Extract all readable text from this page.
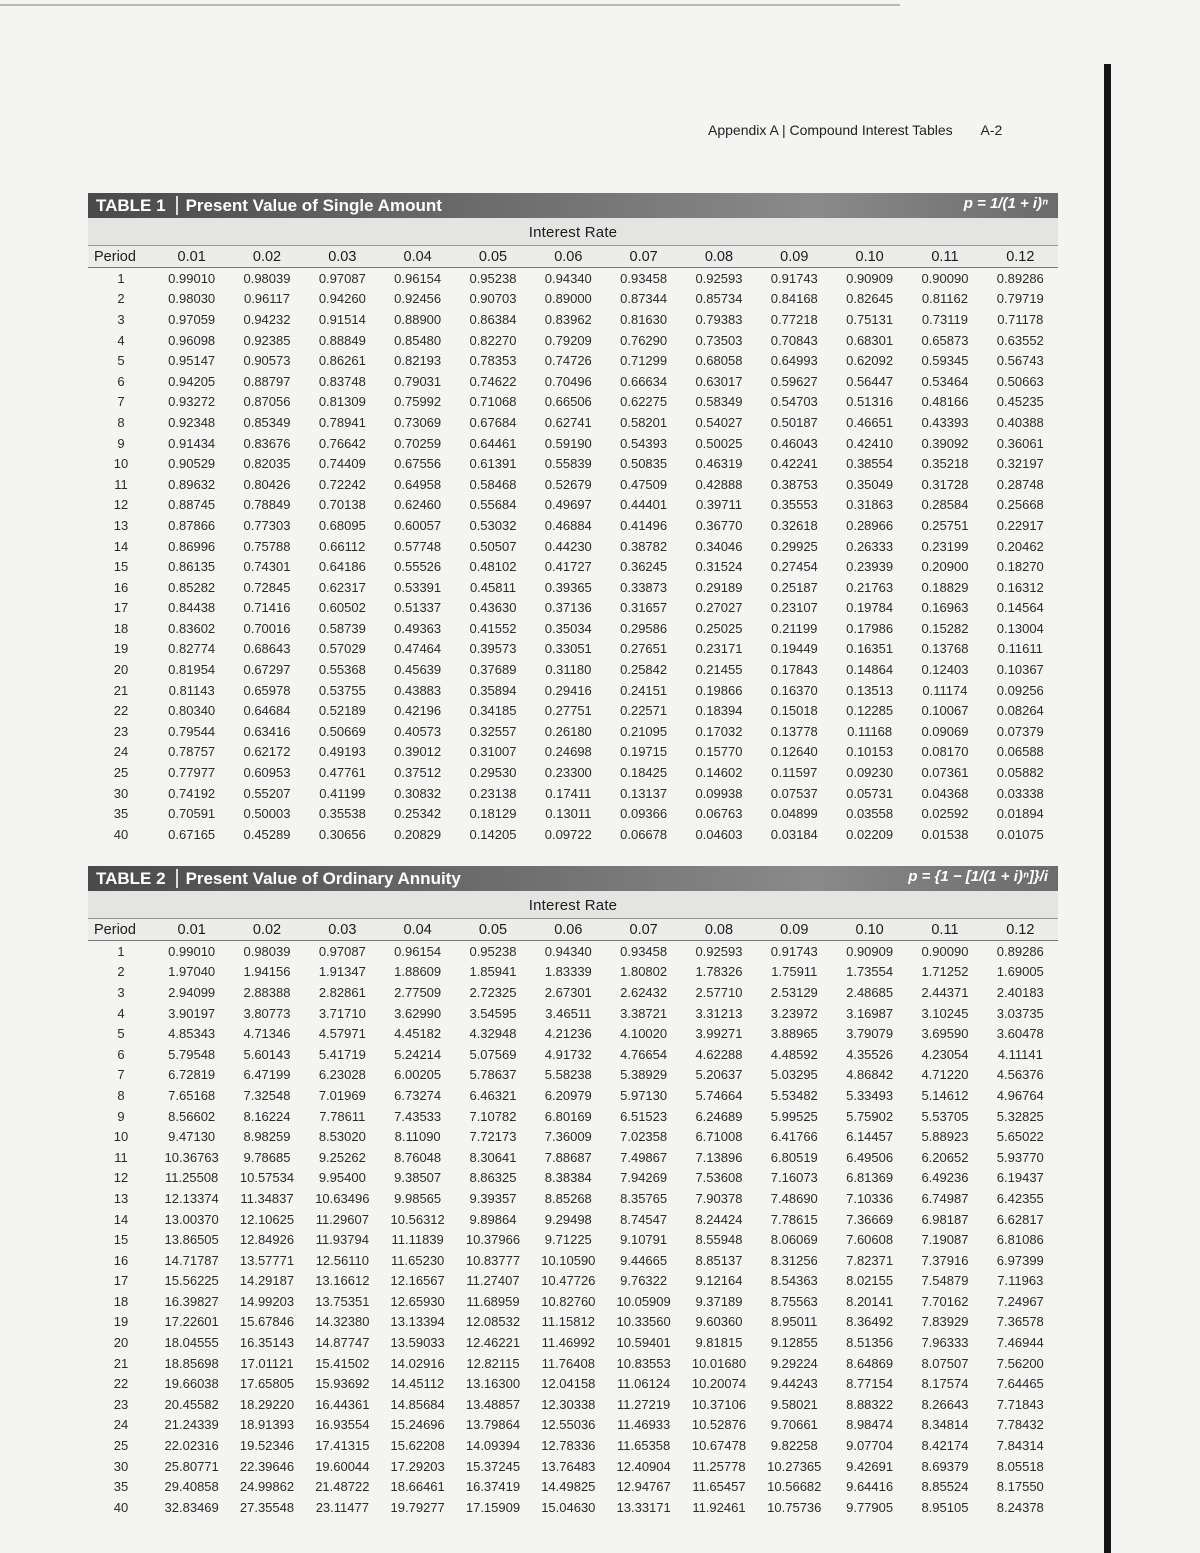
Appendix A | Compound Interest Tables A-2
TABLE 1 Present Value of Single Amount	p = 1/(1 + i)ⁿ
Interest Rate
Period	0.01	0.02	0.03	0.04	0.05	0.06	0.07	0.08	0.09	0.10	0.11	0.12
1	0.99010	0.98039	0.97087	0.96154	0.95238	0.94340	0.93458	0.92593	0.91743	0.90909	0.90090	0.89286
2	0.98030	0.96117	0.94260	0.92456	0.90703	0.89000	0.87344	0.85734	0.84168	0.82645	0.81162	0.79719
3	0.97059	0.94232	0.91514	0.88900	0.86384	0.83962	0.81630	0.79383	0.77218	0.75131	0.73119	0.71178
4	0.96098	0.92385	0.88849	0.85480	0.82270	0.79209	0.76290	0.73503	0.70843	0.68301	0.65873	0.63552
5	0.95147	0.90573	0.86261	0.82193	0.78353	0.74726	0.71299	0.68058	0.64993	0.62092	0.59345	0.56743
6	0.94205	0.88797	0.83748	0.79031	0.74622	0.70496	0.66634	0.63017	0.59627	0.56447	0.53464	0.50663
7	0.93272	0.87056	0.81309	0.75992	0.71068	0.66506	0.62275	0.58349	0.54703	0.51316	0.48166	0.45235
8	0.92348	0.85349	0.78941	0.73069	0.67684	0.62741	0.58201	0.54027	0.50187	0.46651	0.43393	0.40388
9	0.91434	0.83676	0.76642	0.70259	0.64461	0.59190	0.54393	0.50025	0.46043	0.42410	0.39092	0.36061
10	0.90529	0.82035	0.74409	0.67556	0.61391	0.55839	0.50835	0.46319	0.42241	0.38554	0.35218	0.32197
11	0.89632	0.80426	0.72242	0.64958	0.58468	0.52679	0.47509	0.42888	0.38753	0.35049	0.31728	0.28748
12	0.88745	0.78849	0.70138	0.62460	0.55684	0.49697	0.44401	0.39711	0.35553	0.31863	0.28584	0.25668
13	0.87866	0.77303	0.68095	0.60057	0.53032	0.46884	0.41496	0.36770	0.32618	0.28966	0.25751	0.22917
14	0.86996	0.75788	0.66112	0.57748	0.50507	0.44230	0.38782	0.34046	0.29925	0.26333	0.23199	0.20462
15	0.86135	0.74301	0.64186	0.55526	0.48102	0.41727	0.36245	0.31524	0.27454	0.23939	0.20900	0.18270
16	0.85282	0.72845	0.62317	0.53391	0.45811	0.39365	0.33873	0.29189	0.25187	0.21763	0.18829	0.16312
17	0.84438	0.71416	0.60502	0.51337	0.43630	0.37136	0.31657	0.27027	0.23107	0.19784	0.16963	0.14564
18	0.83602	0.70016	0.58739	0.49363	0.41552	0.35034	0.29586	0.25025	0.21199	0.17986	0.15282	0.13004
19	0.82774	0.68643	0.57029	0.47464	0.39573	0.33051	0.27651	0.23171	0.19449	0.16351	0.13768	0.11611
20	0.81954	0.67297	0.55368	0.45639	0.37689	0.31180	0.25842	0.21455	0.17843	0.14864	0.12403	0.10367
21	0.81143	0.65978	0.53755	0.43883	0.35894	0.29416	0.24151	0.19866	0.16370	0.13513	0.11174	0.09256
22	0.80340	0.64684	0.52189	0.42196	0.34185	0.27751	0.22571	0.18394	0.15018	0.12285	0.10067	0.08264
23	0.79544	0.63416	0.50669	0.40573	0.32557	0.26180	0.21095	0.17032	0.13778	0.11168	0.09069	0.07379
24	0.78757	0.62172	0.49193	0.39012	0.31007	0.24698	0.19715	0.15770	0.12640	0.10153	0.08170	0.06588
25	0.77977	0.60953	0.47761	0.37512	0.29530	0.23300	0.18425	0.14602	0.11597	0.09230	0.07361	0.05882
30	0.74192	0.55207	0.41199	0.30832	0.23138	0.17411	0.13137	0.09938	0.07537	0.05731	0.04368	0.03338
35	0.70591	0.50003	0.35538	0.25342	0.18129	0.13011	0.09366	0.06763	0.04899	0.03558	0.02592	0.01894
40	0.67165	0.45289	0.30656	0.20829	0.14205	0.09722	0.06678	0.04603	0.03184	0.02209	0.01538	0.01075
TABLE 2 Present Value of Ordinary Annuity	p = {1 − [1/(1 + i)ⁿ]}/i
Interest Rate
Period	0.01	0.02	0.03	0.04	0.05	0.06	0.07	0.08	0.09	0.10	0.11	0.12
1	0.99010	0.98039	0.97087	0.96154	0.95238	0.94340	0.93458	0.92593	0.91743	0.90909	0.90090	0.89286
2	1.97040	1.94156	1.91347	1.88609	1.85941	1.83339	1.80802	1.78326	1.75911	1.73554	1.71252	1.69005
3	2.94099	2.88388	2.82861	2.77509	2.72325	2.67301	2.62432	2.57710	2.53129	2.48685	2.44371	2.40183
4	3.90197	3.80773	3.71710	3.62990	3.54595	3.46511	3.38721	3.31213	3.23972	3.16987	3.10245	3.03735
5	4.85343	4.71346	4.57971	4.45182	4.32948	4.21236	4.10020	3.99271	3.88965	3.79079	3.69590	3.60478
6	5.79548	5.60143	5.41719	5.24214	5.07569	4.91732	4.76654	4.62288	4.48592	4.35526	4.23054	4.11141
7	6.72819	6.47199	6.23028	6.00205	5.78637	5.58238	5.38929	5.20637	5.03295	4.86842	4.71220	4.56376
8	7.65168	7.32548	7.01969	6.73274	6.46321	6.20979	5.97130	5.74664	5.53482	5.33493	5.14612	4.96764
9	8.56602	8.16224	7.78611	7.43533	7.10782	6.80169	6.51523	6.24689	5.99525	5.75902	5.53705	5.32825
10	9.47130	8.98259	8.53020	8.11090	7.72173	7.36009	7.02358	6.71008	6.41766	6.14457	5.88923	5.65022
11	10.36763	9.78685	9.25262	8.76048	8.30641	7.88687	7.49867	7.13896	6.80519	6.49506	6.20652	5.93770
12	11.25508	10.57534	9.95400	9.38507	8.86325	8.38384	7.94269	7.53608	7.16073	6.81369	6.49236	6.19437
13	12.13374	11.34837	10.63496	9.98565	9.39357	8.85268	8.35765	7.90378	7.48690	7.10336	6.74987	6.42355
14	13.00370	12.10625	11.29607	10.56312	9.89864	9.29498	8.74547	8.24424	7.78615	7.36669	6.98187	6.62817
15	13.86505	12.84926	11.93794	11.11839	10.37966	9.71225	9.10791	8.55948	8.06069	7.60608	7.19087	6.81086
16	14.71787	13.57771	12.56110	11.65230	10.83777	10.10590	9.44665	8.85137	8.31256	7.82371	7.37916	6.97399
17	15.56225	14.29187	13.16612	12.16567	11.27407	10.47726	9.76322	9.12164	8.54363	8.02155	7.54879	7.11963
18	16.39827	14.99203	13.75351	12.65930	11.68959	10.82760	10.05909	9.37189	8.75563	8.20141	7.70162	7.24967
19	17.22601	15.67846	14.32380	13.13394	12.08532	11.15812	10.33560	9.60360	8.95011	8.36492	7.83929	7.36578
20	18.04555	16.35143	14.87747	13.59033	12.46221	11.46992	10.59401	9.81815	9.12855	8.51356	7.96333	7.46944
21	18.85698	17.01121	15.41502	14.02916	12.82115	11.76408	10.83553	10.01680	9.29224	8.64869	8.07507	7.56200
22	19.66038	17.65805	15.93692	14.45112	13.16300	12.04158	11.06124	10.20074	9.44243	8.77154	8.17574	7.64465
23	20.45582	18.29220	16.44361	14.85684	13.48857	12.30338	11.27219	10.37106	9.58021	8.88322	8.26643	7.71843
24	21.24339	18.91393	16.93554	15.24696	13.79864	12.55036	11.46933	10.52876	9.70661	8.98474	8.34814	7.78432
25	22.02316	19.52346	17.41315	15.62208	14.09394	12.78336	11.65358	10.67478	9.82258	9.07704	8.42174	7.84314
30	25.80771	22.39646	19.60044	17.29203	15.37245	13.76483	12.40904	11.25778	10.27365	9.42691	8.69379	8.05518
35	29.40858	24.99862	21.48722	18.66461	16.37419	14.49825	12.94767	11.65457	10.56682	9.64416	8.85524	8.17550
40	32.83469	27.35548	23.11477	19.79277	17.15909	15.04630	13.33171	11.92461	10.75736	9.77905	8.95105	8.24378
